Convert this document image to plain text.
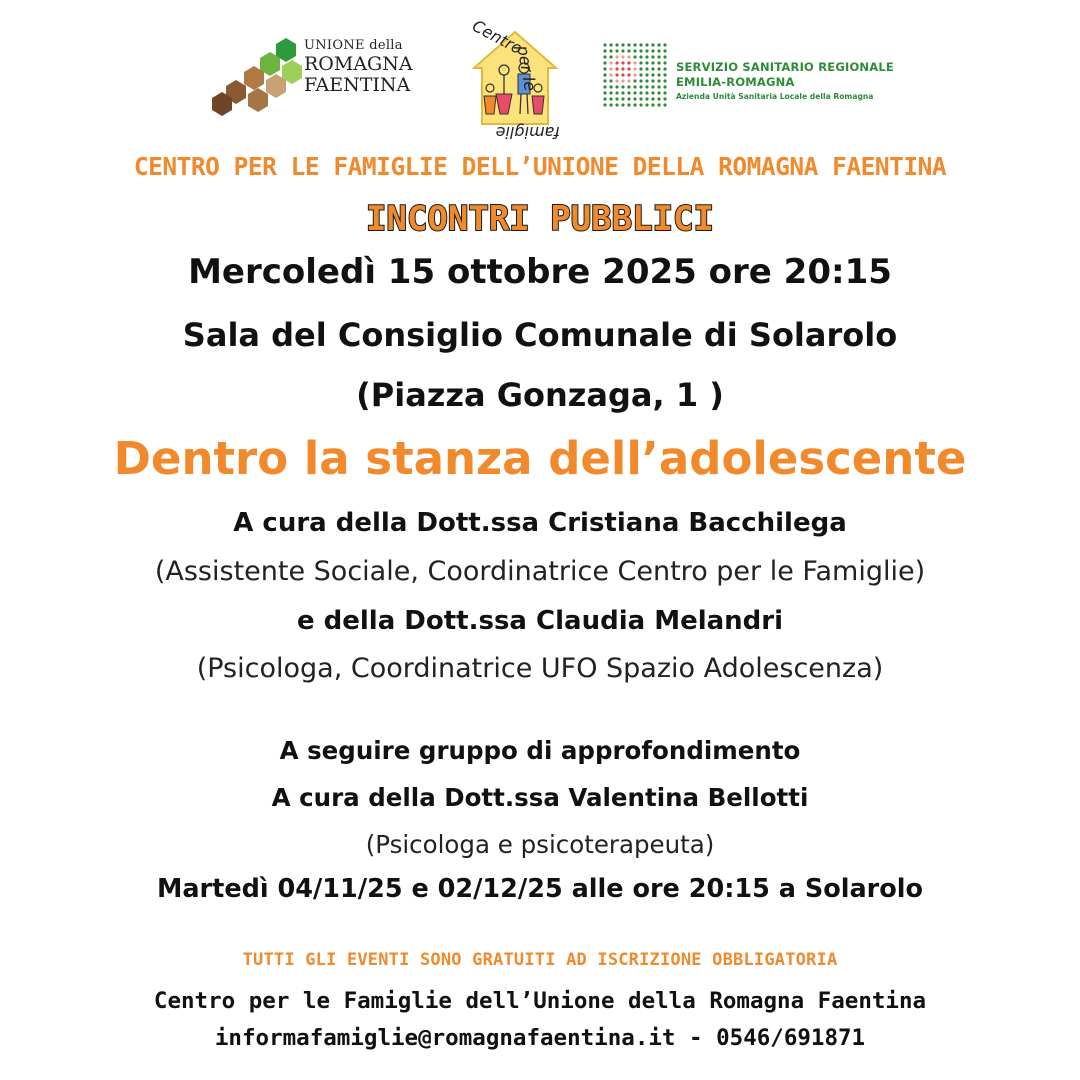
UNIONE della
ROMAGNA
FAENTINA
Centro
per le
famiglie
SERVIZIO SANITARIO REGIONALE
EMILIA-ROMAGNA
Azienda Unità Sanitaria Locale della Romagna
CENTRO PER LE FAMIGLIE DELL’UNIONE DELLA ROMAGNA FAENTINA
INCONTRI PUBBLICI
Mercoledì 15 ottobre 2025 ore 20:15
Sala del Consiglio Comunale di Solarolo
(Piazza Gonzaga, 1 )
Dentro la stanza dell’adolescente
A cura della Dott.ssa Cristiana Bacchilega
(Assistente Sociale, Coordinatrice Centro per le Famiglie)
e della Dott.ssa Claudia Melandri
(Psicologa, Coordinatrice UFO Spazio Adolescenza)
A seguire gruppo di approfondimento
A cura della Dott.ssa Valentina Bellotti
(Psicologa e psicoterapeuta)
Martedì 04/11/25 e 02/12/25 alle ore 20:15 a Solarolo
TUTTI GLI EVENTI SONO GRATUITI AD ISCRIZIONE OBBLIGATORIA
Centro per le Famiglie dell’Unione della Romagna Faentina
informafamiglie@romagnafaentina.it - 0546/691871
